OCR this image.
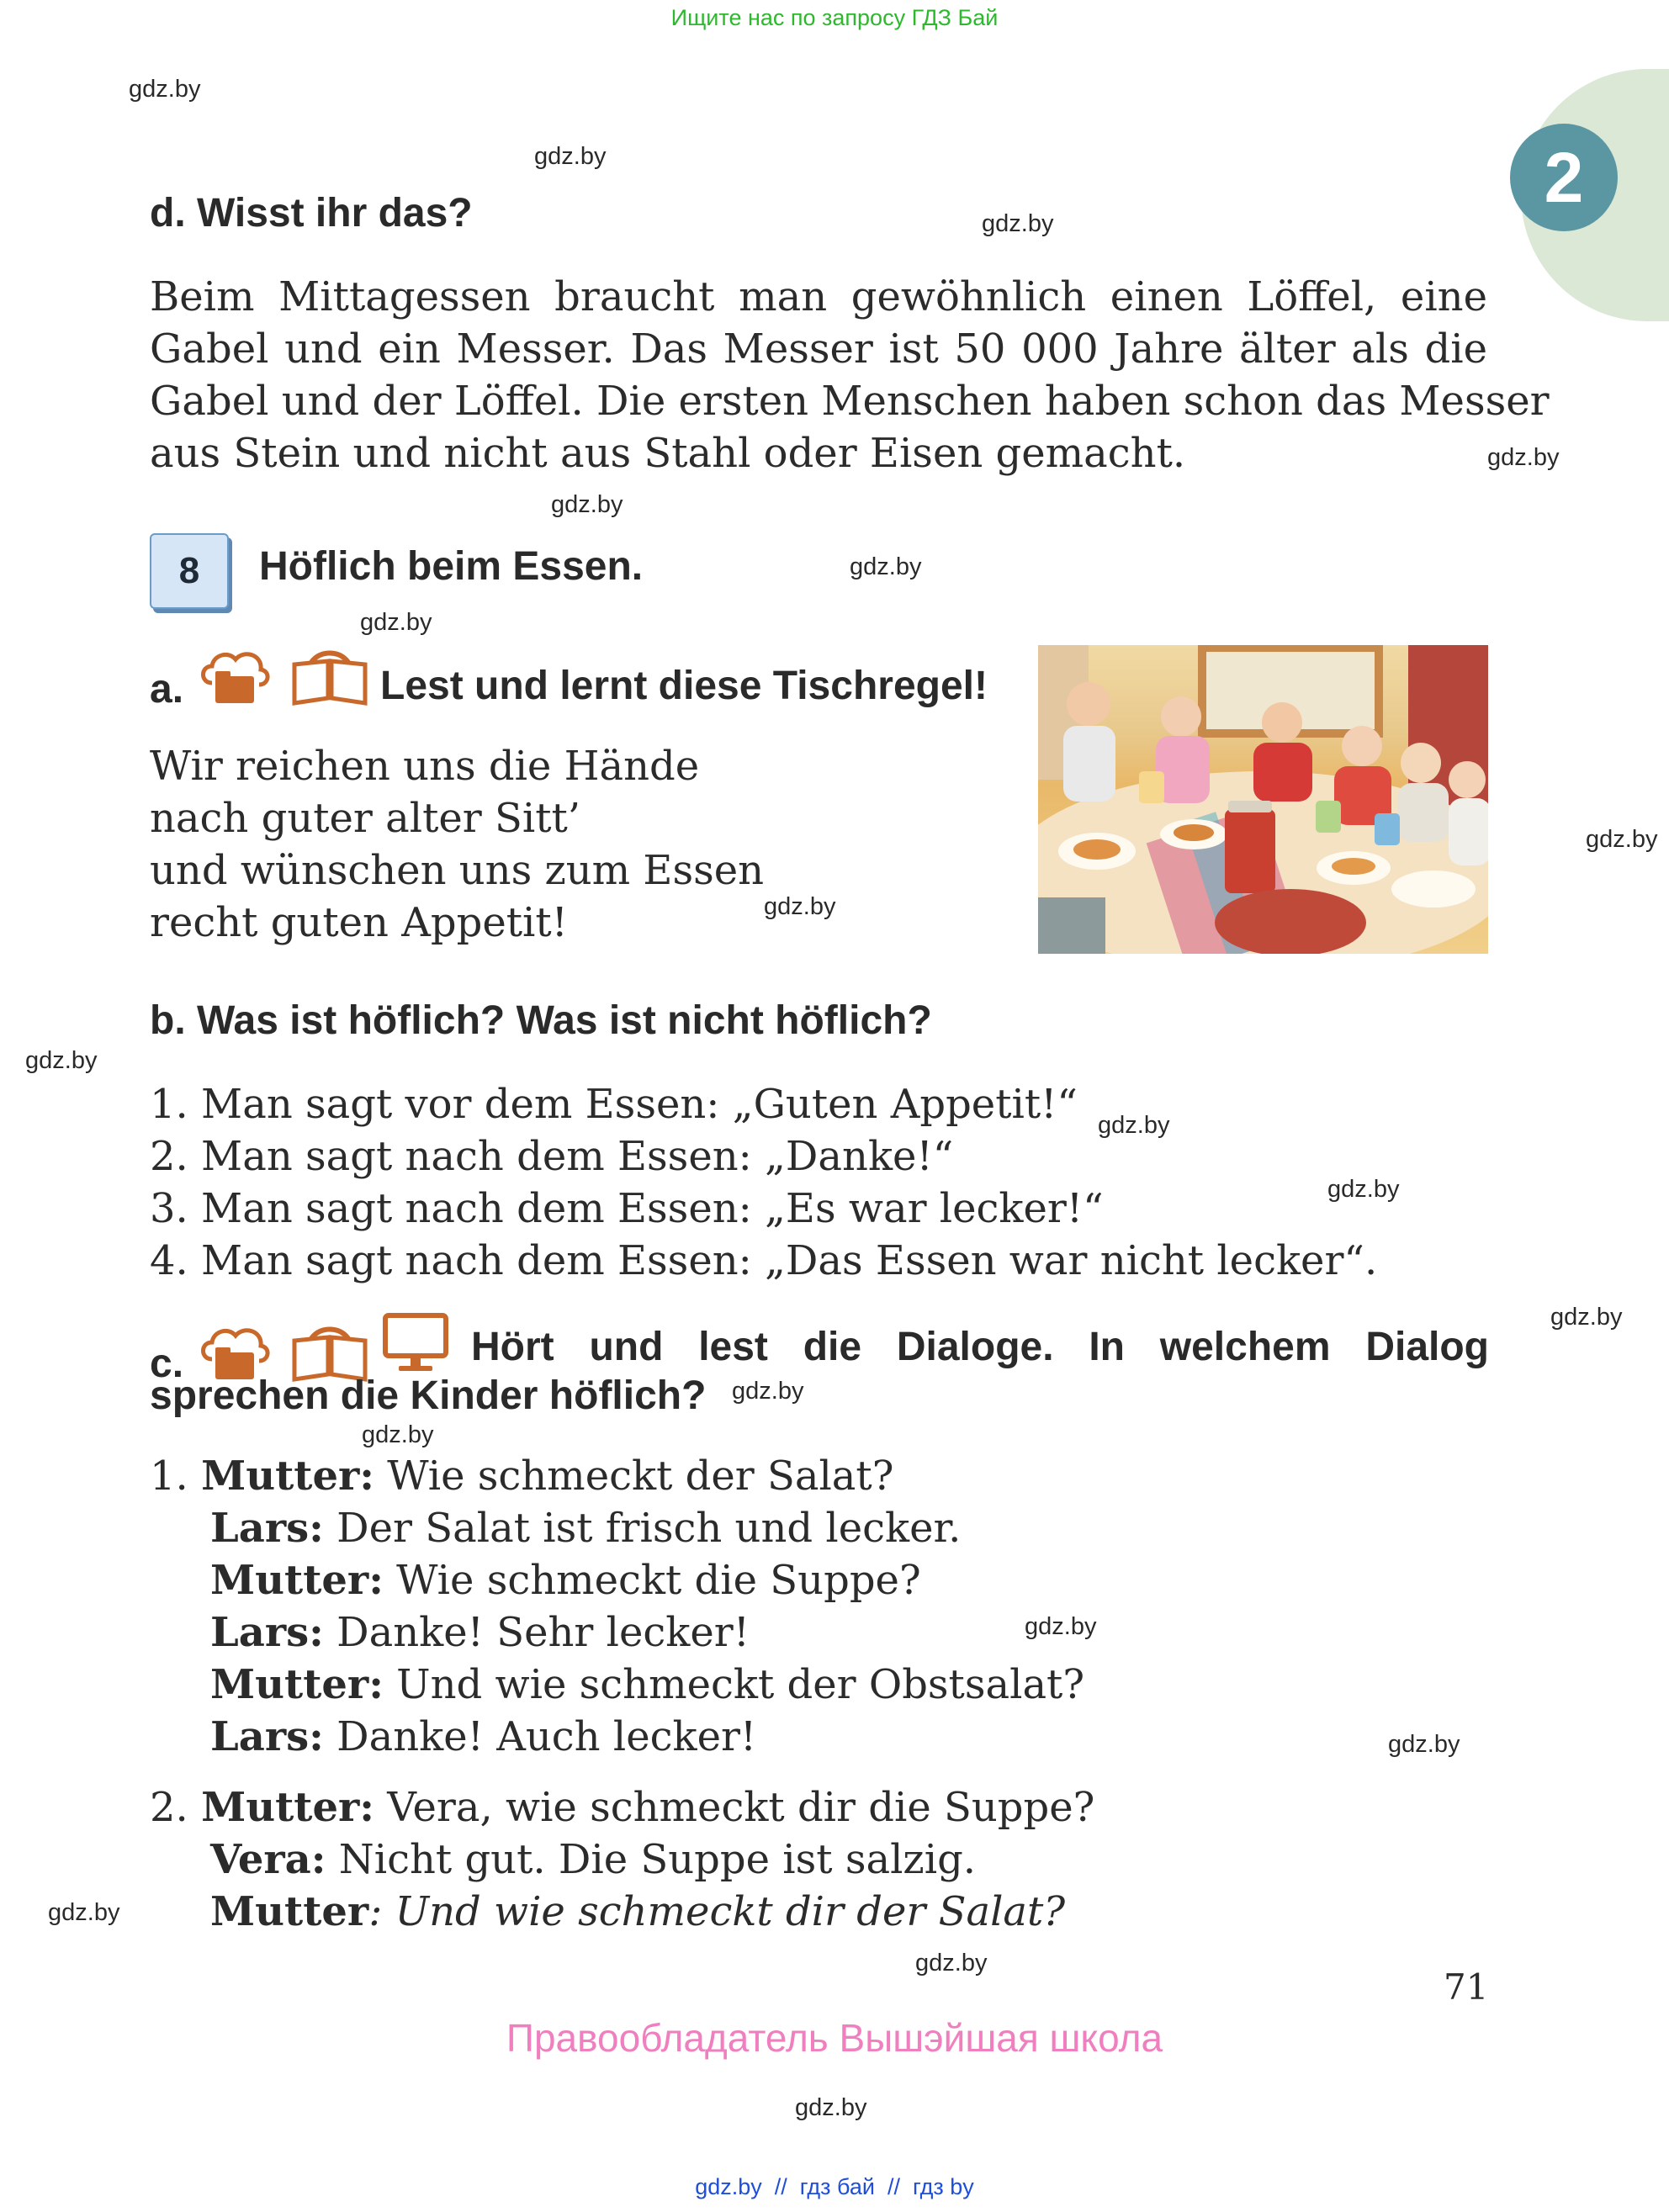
Ищите нас по запросу ГДЗ Бай
2
gdz.by
gdz.by
gdz.by
gdz.by
gdz.by
gdz.by
gdz.by
gdz.by
gdz.by
gdz.by
gdz.by
gdz.by
gdz.by
gdz.by
gdz.by
gdz.by
gdz.by
gdz.by
gdz.by
gdz.by
d. Wisst ihr das?
Beim Mittagessen braucht man gewöhnlich einen Löffel, eine
Gabel und ein Messer. Das Messer ist 50 000 Jahre älter als die
Gabel und der Löffel. Die ersten Menschen haben schon das Messer
aus Stein und nicht aus Stahl oder Eisen gemacht.
8	Höflich beim Essen.
a.	Lest und lernt diese Tischregel!
Wir reichen uns die Hände
nach guter alter Sitt’
und wünschen uns zum Essen
recht guten Appetit!
b. Was ist höflich? Was ist nicht höflich?
1. Man sagt vor dem Essen: „Guten Appetit!“
2. Man sagt nach dem Essen: „Danke!“
3. Man sagt nach dem Essen: „Es war lecker!“
4. Man sagt nach dem Essen: „Das Essen war nicht lecker“.
c.	Hört und lest die Dialoge. In welchem Dialog
sprechen die Kinder höflich?
1. Mutter: Wie schmeckt der Salat?
Lars: Der Salat ist frisch und lecker.
Mutter: Wie schmeckt die Suppe?
Lars: Danke! Sehr lecker!
Mutter: Und wie schmeckt der Obstsalat?
Lars: Danke! Auch lecker!
2. Mutter: Vera, wie schmeckt dir die Suppe?
Vera: Nicht gut. Die Suppe ist salzig.
Mutter: Und wie schmeckt dir der Salat?
71
Правообладатель Вышэйшая школа
gdz.by  //  гдз бай  //  гдз by
